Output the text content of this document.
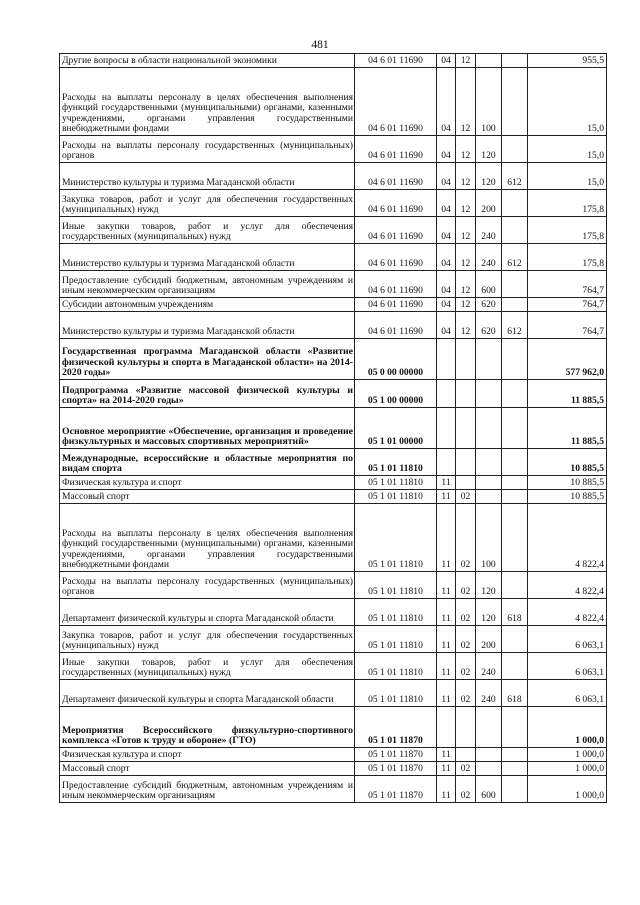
481
Другие вопросы в области национальной экономики	04 6 01 11690	04	12			955,5
Расходы на выплаты персоналу в целях обеспечения выполнения функций государственными (муниципальными) органами, казенными учреждениями, органами управления государственными внебюджетными фондами	04 6 01 11690	04	12	100		15,0
Расходы на выплаты персоналу государственных (муниципальных) органов	04 6 01 11690	04	12	120		15,0
Министерство культуры и туризма Магаданской области	04 6 01 11690	04	12	120	612	15,0
Закупка товаров, работ и услуг для обеспечения государственных (муниципальных) нужд	04 6 01 11690	04	12	200		175,8
Иные закупки товаров, работ и услуг для обеспечения государственных (муниципальных) нужд	04 6 01 11690	04	12	240		175,8
Министерство культуры и туризма Магаданской области	04 6 01 11690	04	12	240	612	175,8
Предоставление субсидий бюджетным, автономным учреждениям и иным некоммерческим организациям	04 6 01 11690	04	12	600		764,7
Субсидии автономным учреждениям	04 6 01 11690	04	12	620		764,7
Министерство культуры и туризма Магаданской области	04 6 01 11690	04	12	620	612	764,7
Государственная программа Магаданской области «Развитие физической культуры и спорта в Магаданской области» на 2014-2020 годы»	05 0 00 00000					577 962,0
Подпрограмма «Развитие массовой физической культуры и спорта» на 2014-2020 годы»	05 1 00 00000					11 885,5
Основное мероприятие «Обеспечение, организация и проведение физкультурных и массовых спортивных мероприятий»	05 1 01 00000					11 885,5
Международные, всероссийские и областные мероприятия по видам спорта	05 1 01 11810					10 885,5
Физическая культура и спорт	05 1 01 11810	11				10 885,5
Массовый спорт	05 1 01 11810	11	02			10 885,5
Расходы на выплаты персоналу в целях обеспечения выполнения функций государственными (муниципальными) органами, казенными учреждениями, органами управления государственными внебюджетными фондами	05 1 01 11810	11	02	100		4 822,4
Расходы на выплаты персоналу государственных (муниципальных) органов	05 1 01 11810	11	02	120		4 822,4
Департамент физической культуры и спорта Магаданской области	05 1 01 11810	11	02	120	618	4 822,4
Закупка товаров, работ и услуг для обеспечения государственных (муниципальных) нужд	05 1 01 11810	11	02	200		6 063,1
Иные закупки товаров, работ и услуг для обеспечения государственных (муниципальных) нужд	05 1 01 11810	11	02	240		6 063,1
Департамент физической культуры и спорта Магаданской области	05 1 01 11810	11	02	240	618	6 063,1
Мероприятия Всероссийского физкультурно-спортивного комплекса «Готов к труду и обороне» (ГТО)	05 1 01 11870					1 000,0
Физическая культура и спорт	05 1 01 11870	11				1 000,0
Массовый спорт	05 1 01 11870	11	02			1 000,0
Предоставление субсидий бюджетным, автономным учреждениям и иным некоммерческим организациям	05 1 01 11870	11	02	600		1 000,0
